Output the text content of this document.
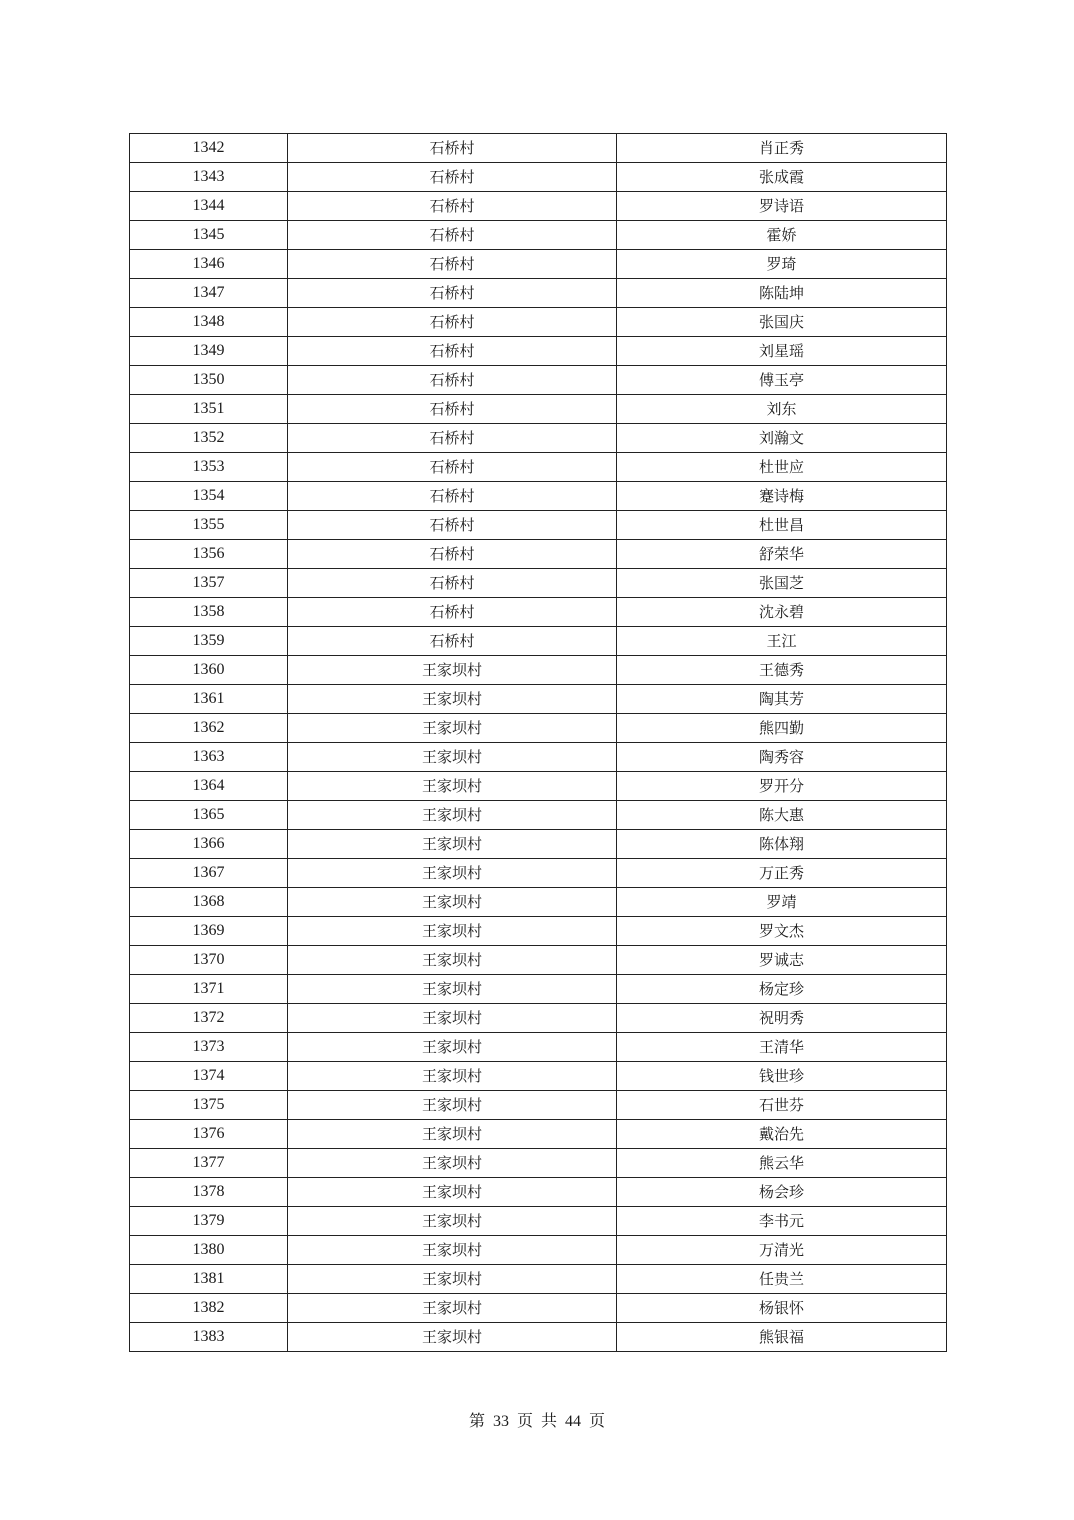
1342	石桥村	肖正秀
1343	石桥村	张成霞
1344	石桥村	罗诗语
1345	石桥村	霍娇
1346	石桥村	罗琦
1347	石桥村	陈陆坤
1348	石桥村	张国庆
1349	石桥村	刘星瑶
1350	石桥村	傅玉亭
1351	石桥村	刘东
1352	石桥村	刘瀚文
1353	石桥村	杜世应
1354	石桥村	蹇诗梅
1355	石桥村	杜世昌
1356	石桥村	舒荣华
1357	石桥村	张国芝
1358	石桥村	沈永碧
1359	石桥村	王江
1360	王家坝村	王德秀
1361	王家坝村	陶其芳
1362	王家坝村	熊四勤
1363	王家坝村	陶秀容
1364	王家坝村	罗开分
1365	王家坝村	陈大惠
1366	王家坝村	陈体翔
1367	王家坝村	万正秀
1368	王家坝村	罗靖
1369	王家坝村	罗文杰
1370	王家坝村	罗诚志
1371	王家坝村	杨定珍
1372	王家坝村	祝明秀
1373	王家坝村	王清华
1374	王家坝村	钱世珍
1375	王家坝村	石世芬
1376	王家坝村	戴治先
1377	王家坝村	熊云华
1378	王家坝村	杨会珍
1379	王家坝村	李书元
1380	王家坝村	万清光
1381	王家坝村	任贵兰
1382	王家坝村	杨银怀
1383	王家坝村	熊银福
第 33 页 共 44 页
